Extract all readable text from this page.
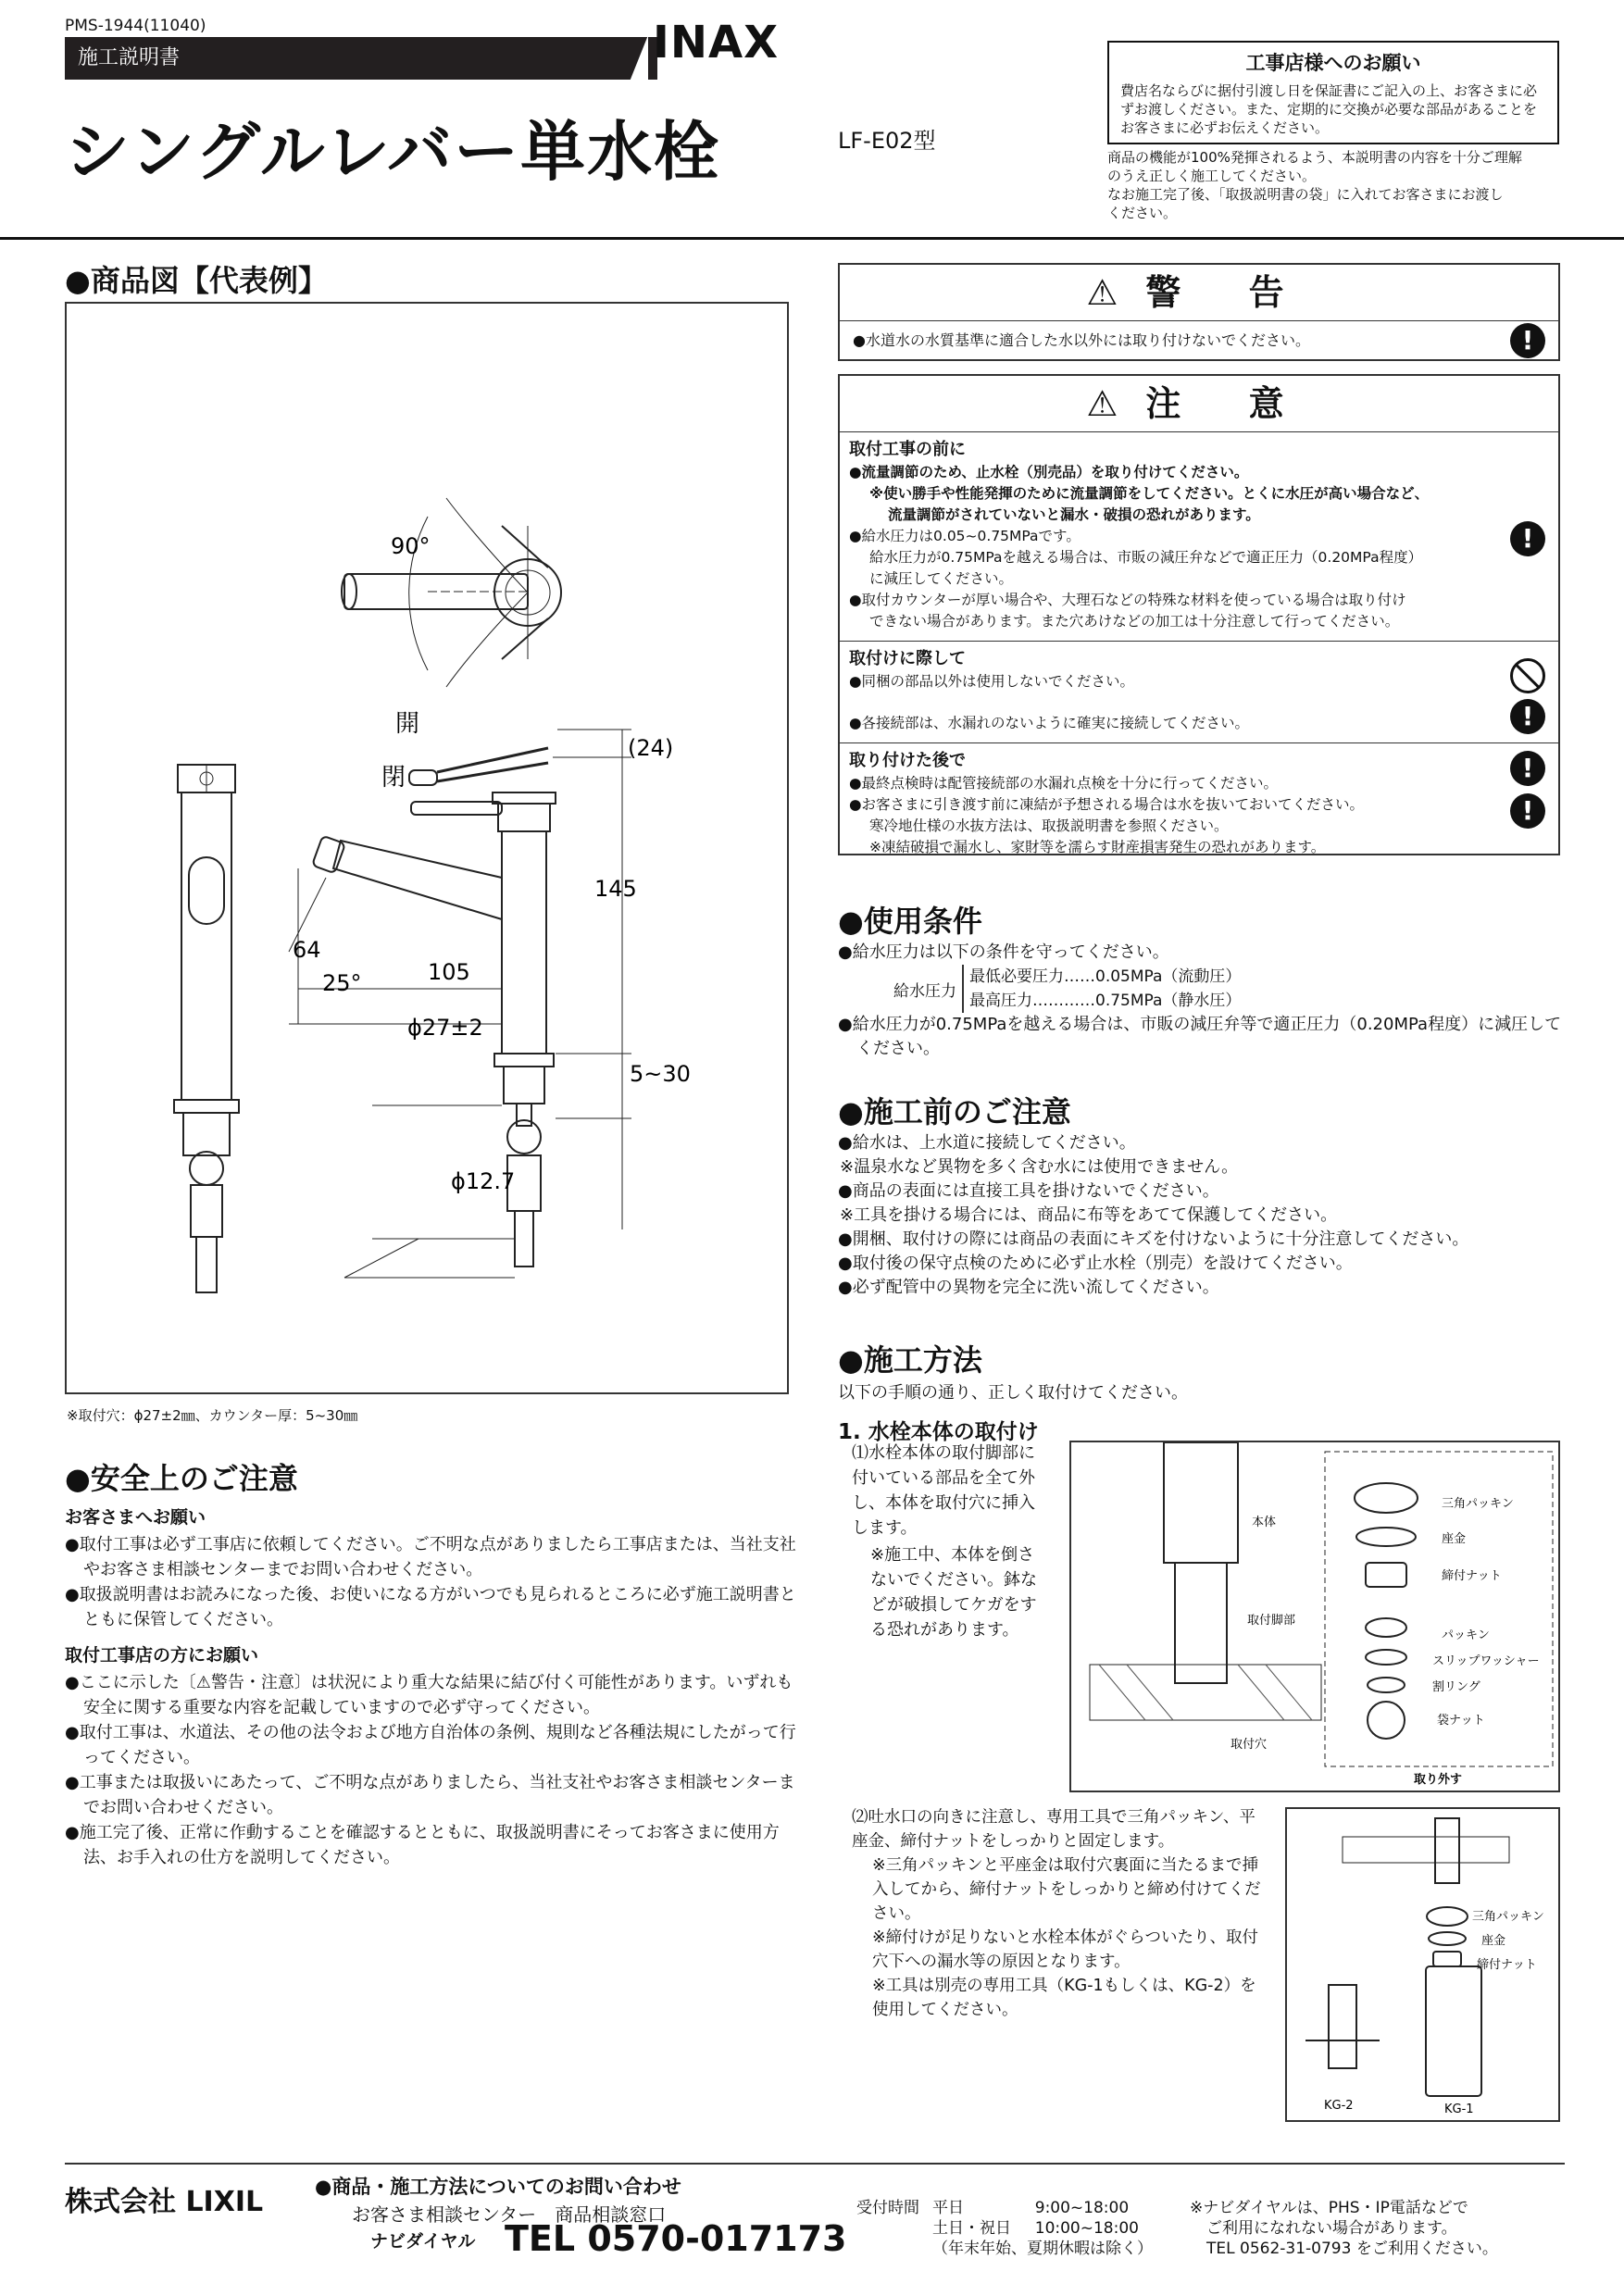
PMS-1944(11040)
施工説明書	INAX
シングルレバー単水栓	LF-E02型
工事店様へのお願い
費店名ならびに据付引渡し日を保証書にご記入の上、お客さまに必ずお渡しください。また、定期的に交換が必要な部品があることをお客さまに必ずお伝えください。
商品の機能が100%発揮されるよう、本説明書の内容を十分ご理解
のうえ正しく施工してください。
なお施工完了後、「取扱説明書の袋」に入れてお客さまにお渡し
ください。
●商品図【代表例】
90°
開
閉
(24)
145
64
25°	105
ϕ27±2
5~30
ϕ12.7
※取付穴：ϕ27±2㎜、カウンター厚：5~30㎜
●安全上のご注意
お客さまへお願い
●取付工事は必ず工事店に依頼してください。ご不明な点がありましたら工事店または、当社支社やお客さま相談センターまでお問い合わせください。
●取扱説明書はお読みになった後、お使いになる方がいつでも見られるところに必ず施工説明書とともに保管してください。
取付工事店の方にお願い
●ここに示した〔⚠警告・注意〕は状況により重大な結果に結び付く可能性があります。いずれも安全に関する重要な内容を記載していますので必ず守ってください。
●取付工事は、水道法、その他の法令および地方自治体の条例、規則など各種法規にしたがって行ってください。
●工事または取扱いにあたって、ご不明な点がありましたら、当社支社やお客さま相談センターまでお問い合わせください。
●施工完了後、正常に作動することを確認するとともに、取扱説明書にそってお客さまに使用方法、お手入れの仕方を説明してください。
⚠警 告
●水道水の水質基準に適合した水以外には取り付けないでください。	!
⚠注 意
取付工事の前に
●流量調節のため、止水栓（別売品）を取り付けてください。
※使い勝手や性能発揮のために流量調節をしてください。とくに水圧が高い場合など、
流量調節がされていないと漏水・破損の恐れがあります。
●給水圧力は0.05~0.75MPaです。
給水圧力が0.75MPaを越える場合は、市販の減圧弁などで適正圧力（0.20MPa程度）
に減圧してください。
●取付カウンターが厚い場合や、大理石などの特殊な材料を使っている場合は取り付け
できない場合があります。また穴あけなどの加工は十分注意して行ってください。
!
取付けに際して
●同梱の部品以外は使用しないでください。
●各接続部は、水漏れのないように確実に接続してください。	!
取り付けた後で
●最終点検時は配管接続部の水漏れ点検を十分に行ってください。
●お客さまに引き渡す前に凍結が予想される場合は水を抜いておいてください。
寒冷地仕様の水抜方法は、取扱説明書を参照ください。
※凍結破損で漏水し、家財等を濡らす財産損害発生の恐れがあります。
!
!
●使用条件
●給水圧力は以下の条件を守ってください。
給水圧力
最低必要圧力……0.05MPa（流動圧）
最高圧力…………0.75MPa（静水圧）
●給水圧力が0.75MPaを越える場合は、市販の減圧弁等で適正圧力（0.20MPa程度）に減圧してください。
●施工前のご注意
●給水は、上水道に接続してください。
※温泉水など異物を多く含む水には使用できません。
●商品の表面には直接工具を掛けないでください。
※工具を掛ける場合には、商品に布等をあてて保護してください。
●開梱、取付けの際には商品の表面にキズを付けないように十分注意してください。
●取付後の保守点検のために必ず止水栓（別売）を設けてください。
●必ず配管中の異物を完全に洗い流してください。
●施工方法
以下の手順の通り、正しく取付けてください。
1. 水栓本体の取付け
⑴水栓本体の取付脚部に付いている部品を全て外し、本体を取付穴に挿入します。
※施工中、本体を倒さないでください。鉢などが破損してケガをする恐れがあります。
本体
取付脚部
取付穴
三角パッキン
座金
締付ナット
パッキン
スリップワッシャー
割リング
袋ナット
取り外す
⑵吐水口の向きに注意し、専用工具で三角パッキン、平座金、締付ナットをしっかりと固定します。
※三角パッキンと平座金は取付穴裏面に当たるまで挿入してから、締付ナットをしっかりと締め付けてください。
※締付けが足りないと水栓本体がぐらついたり、取付穴下への漏水等の原因となります。
※工具は別売の専用工具（KG-1もしくは、KG-2）を使用してください。
三角パッキン
座金
締付ナット
KG-2	KG-1
株式会社 LIXIL	●商品・施工方法についてのお問い合わせ
お客さま相談センター　商品相談窓口
ナビダイヤル TEL 0570-017173
受付時間	平日	9:00~18:00
	土日・祝日	10:00~18:00
	（年末年始、夏期休暇は除く）	
※ナビダイヤルは、PHS・IP電話などで
ご利用になれない場合があります。
TEL 0562-31-0793 をご利用ください。
